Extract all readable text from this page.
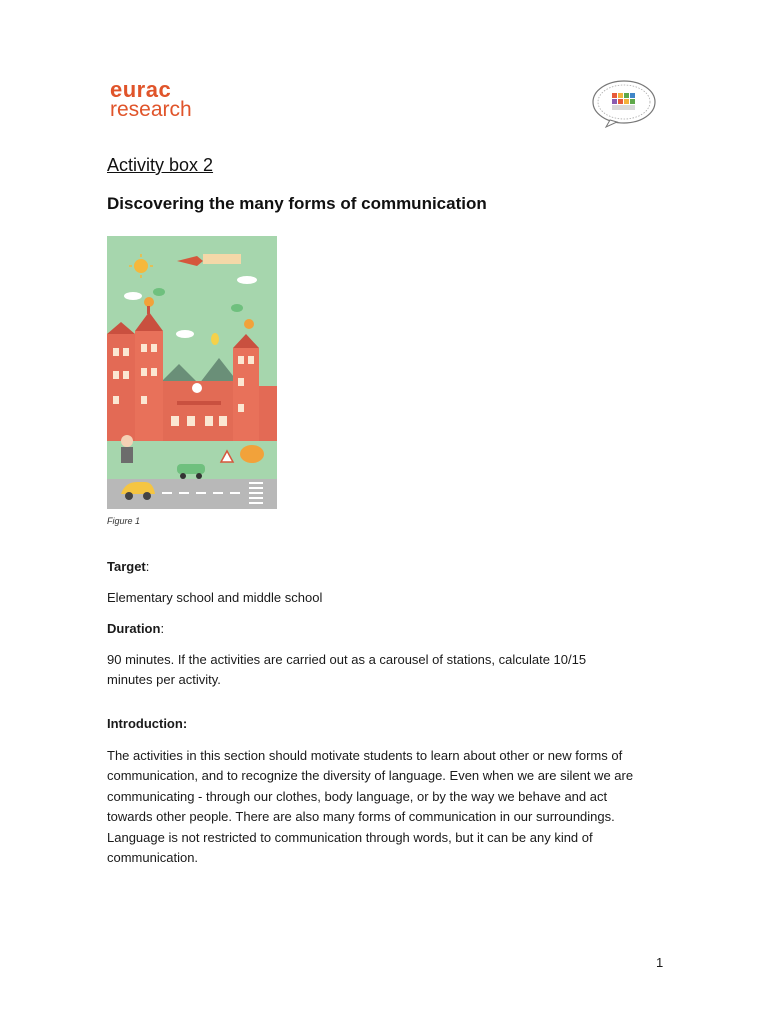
eurac
research
Activity box 2
Discovering the many forms of communication
Figure 1
Target:
Elementary school and middle school
Duration:
90 minutes. If the activities are carried out as a carousel of stations, calculate 10/15
minutes per activity.
Introduction:
The activities in this section should motivate students to learn about other or new forms of
communication, and to recognize the diversity of language. Even when we are silent we are
communicating - through our clothes, body language, or by the way we behave and act
towards other people. There are also many forms of communication in our surroundings.
Language is not restricted to communication through words, but it can be any kind of
communication.
1
